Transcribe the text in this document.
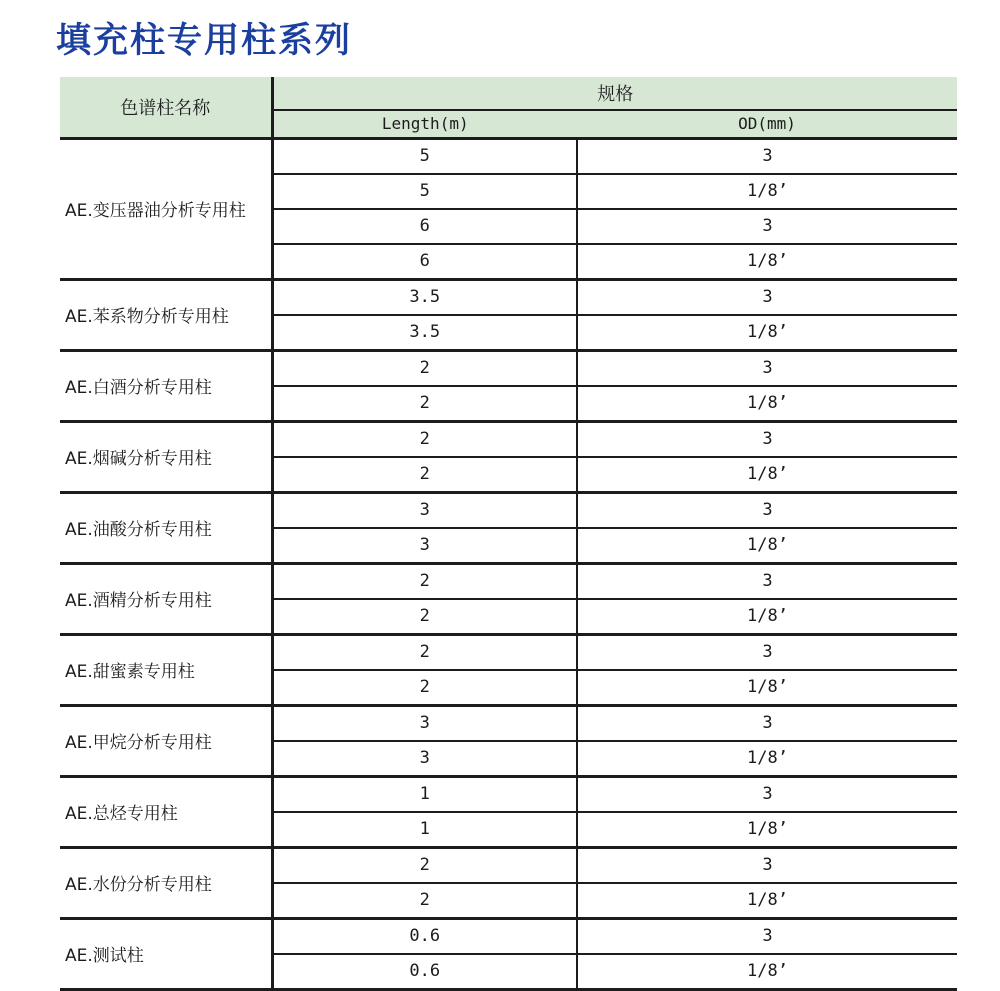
填充柱专用柱系列
色谱柱名称	规格	
	Length(m)	OD(mm)
AE.变压器油分析专用柱	5	3
	5	1/8’
	6	3
	6	1/8’
AE.苯系物分析专用柱	3.5	3
	3.5	1/8’
AE.白酒分析专用柱	2	3
	2	1/8’
AE.烟碱分析专用柱	2	3
	2	1/8’
AE.油酸分析专用柱	3	3
	3	1/8’
AE.酒精分析专用柱	2	3
	2	1/8’
AE.甜蜜素专用柱	2	3
	2	1/8’
AE.甲烷分析专用柱	3	3
	3	1/8’
AE.总烃专用柱	1	3
	1	1/8’
AE.水份分析专用柱	2	3
	2	1/8’
AE.测试柱	0.6	3
	0.6	1/8’
